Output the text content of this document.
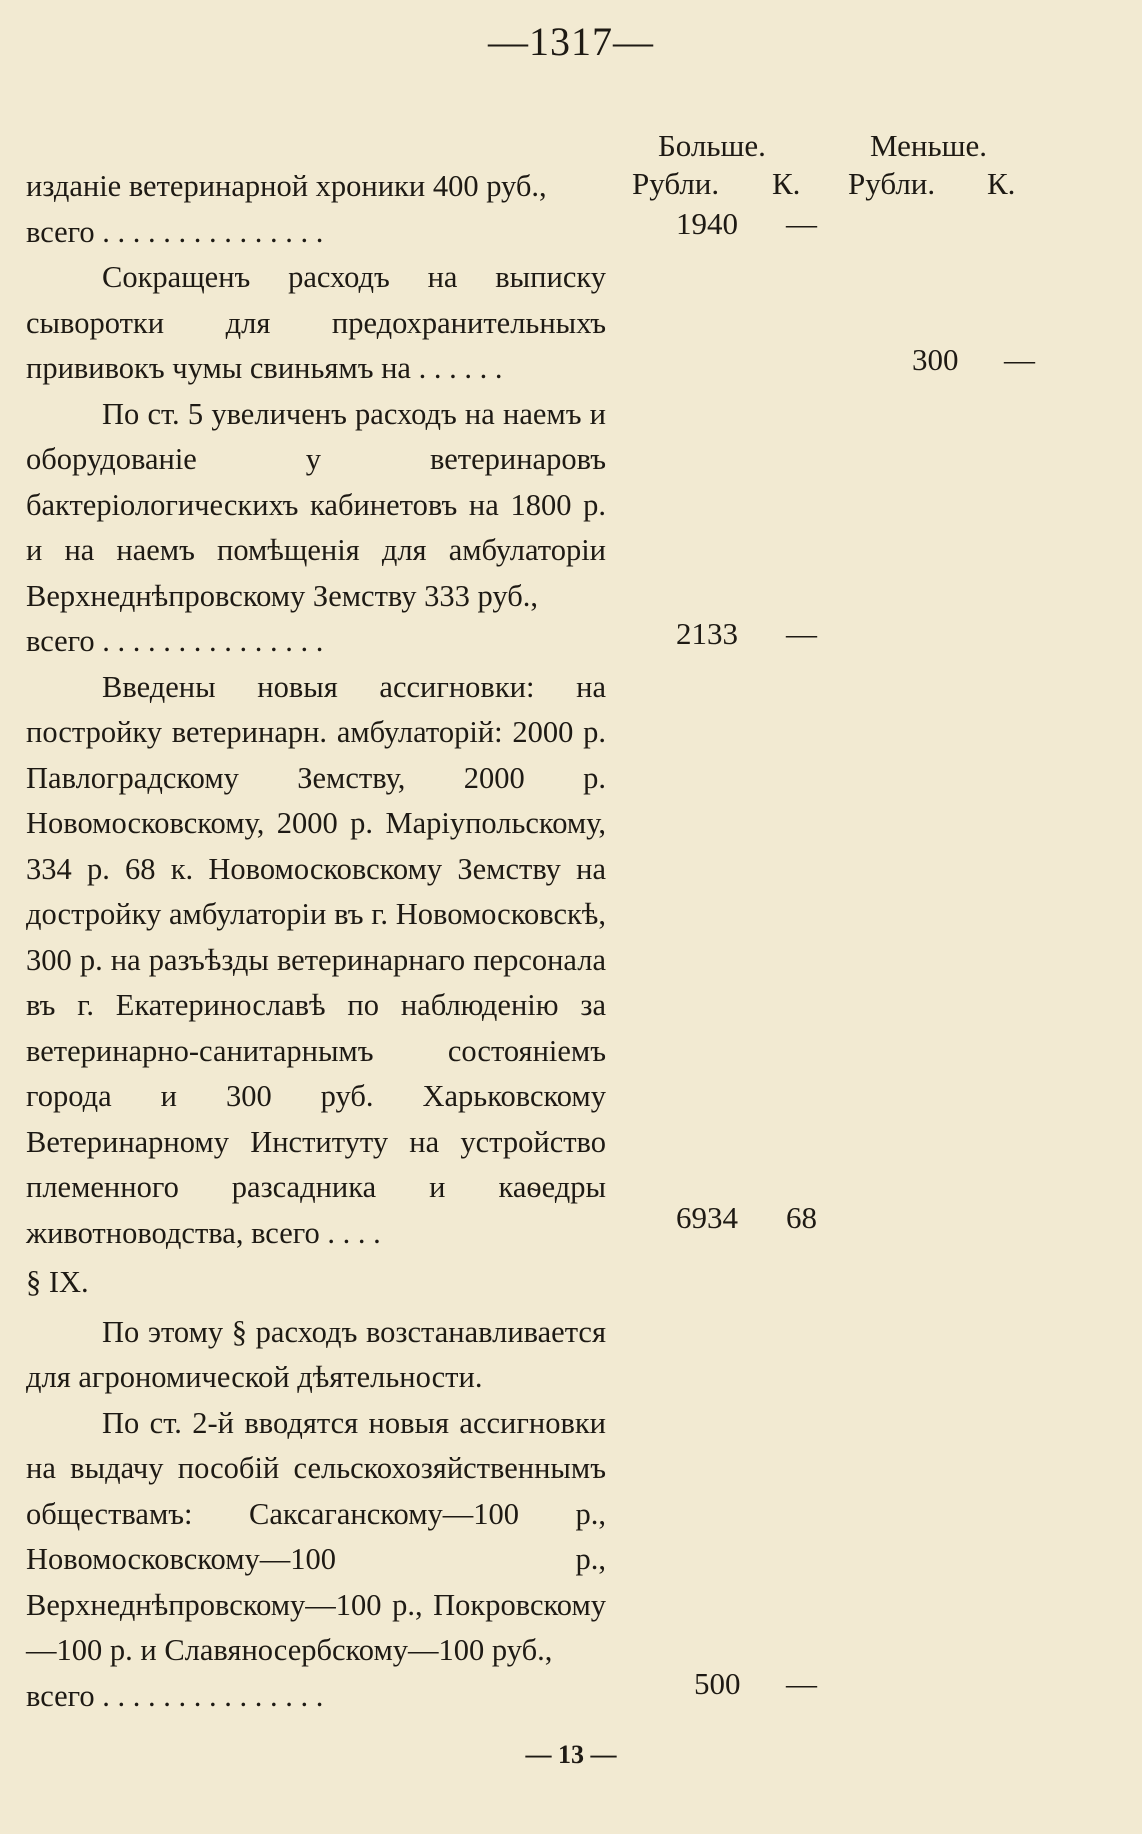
—1317—
Больше.	Меньше.
Рубли. К. Рубли. К.

изданіе ветеринарной хроники 400 руб.,

всего . . . . . . . . . . . . . . .

Сокращенъ расходъ на выписку сыворотки для предохранительныхъ прививокъ чумы свиньямъ на . . . . . .

По ст. 5 увеличенъ расходъ на наемъ и оборудованіе у ветеринаровъ бактеріологическихъ кабинетовъ на 1800 р. и на наемъ помѣщенія для амбулаторіи Верхнеднѣпровскому Земству 333 руб.,

всего . . . . . . . . . . . . . . .

Введены новыя ассигновки: на постройку ветеринарн. амбулаторій: 2000 р. Павлоградскому Земству, 2000 р. Новомосковскому, 2000 р. Маріупольскому, 334 р. 68 к. Новомосковскому Земству на достройку амбулаторіи въ г. Новомосковскѣ, 300 р. на разъѣзды ветеринарнаго персонала въ г. Екатеринославѣ по наблюденію за ветеринарно-санитарнымъ состояніемъ города и 300 руб. Харьковскому Ветеринарному Институту на устройство племенного разсадника и каѳедры животноводства, всего . . . .

§ IX.

По этому § расходъ возстанавливается для агрономической дѣятельности.

По ст. 2-й вводятся новыя ассигновки на выдачу пособій сельскохозяйственнымъ обществамъ: Саксаганскому—100 р., Новомосковскому—100 р., Верхнеднѣпровскому—100 р., Покровскому—100 р. и Славяносербскому—100 руб.,

всего . . . . . . . . . . . . . . .

1940 —
300 —
2133 —
6934 68
500 —
— 13 —
